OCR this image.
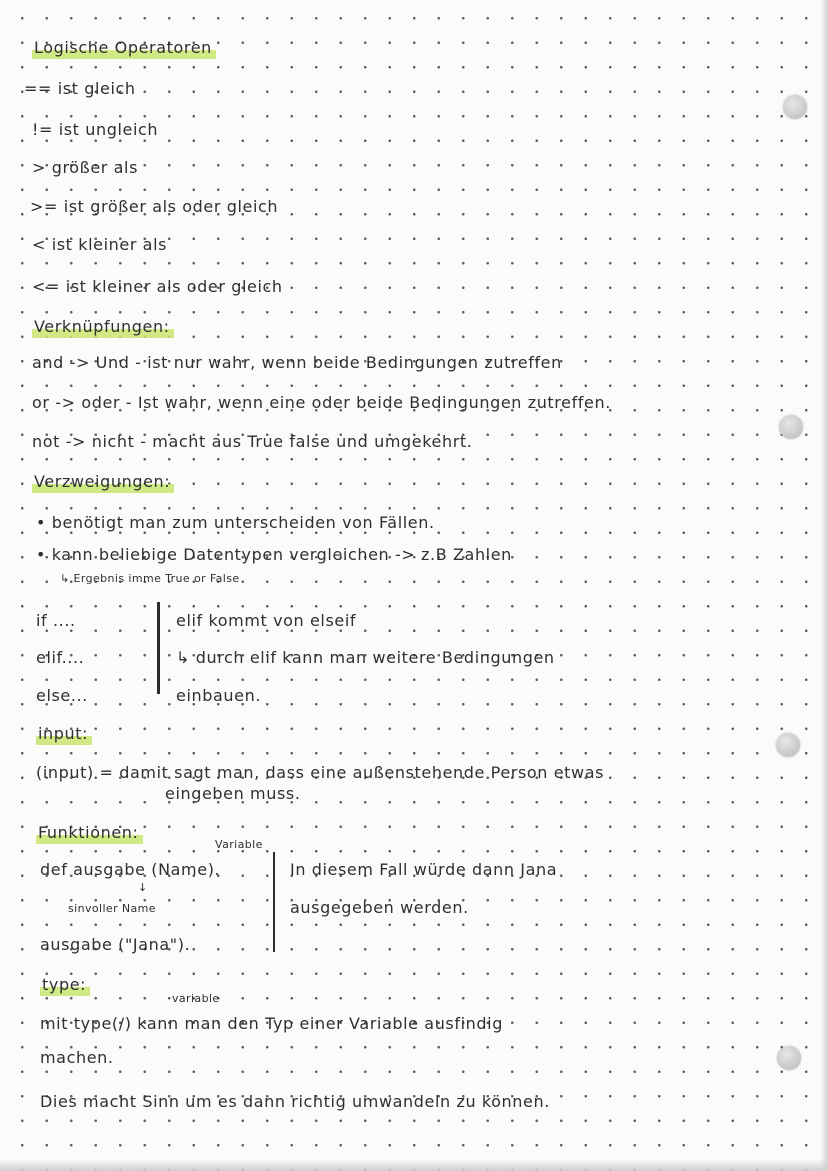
Logische Operatoren
== ist gleich
!= ist ungleich
> größer als
>= ist größer als oder gleich
< ist kleiner als
<= ist kleiner als oder gleich
Verknüpfungen:
and -> Und - ist nur wahr, wenn beide Bedingungen zutreffen
or -> oder - Ist wahr, wenn eine oder beide Bedingungen zutreffen.
not -> nicht - macht aus True false und umgekehrt.
Verzweigungen:
• benötigt man zum unterscheiden von Fällen.
• kann beliebige Datentypen vergleichen -> z.B Zahlen
↳ Ergebnis imme True or False
if ....
elif....
else...
elif kommt von elseif
↳ durch elif kann man weitere Bedingungen
einbauen.
input:
(input) = damit sagt man, dass eine außenstehende Person etwas
eingeben muss.
Funktionen:
Variable
def ausgabe (Name).
↓
sinvoller Name
ausgabe ("Jana").
In diesem Fall würde dann Jana
ausgegeben werden.
type:
variable
mit type(/) kann man den Typ einer Variable ausfindig
machen.
Dies macht Sinn um es dann richtig umwandeln zu können.
